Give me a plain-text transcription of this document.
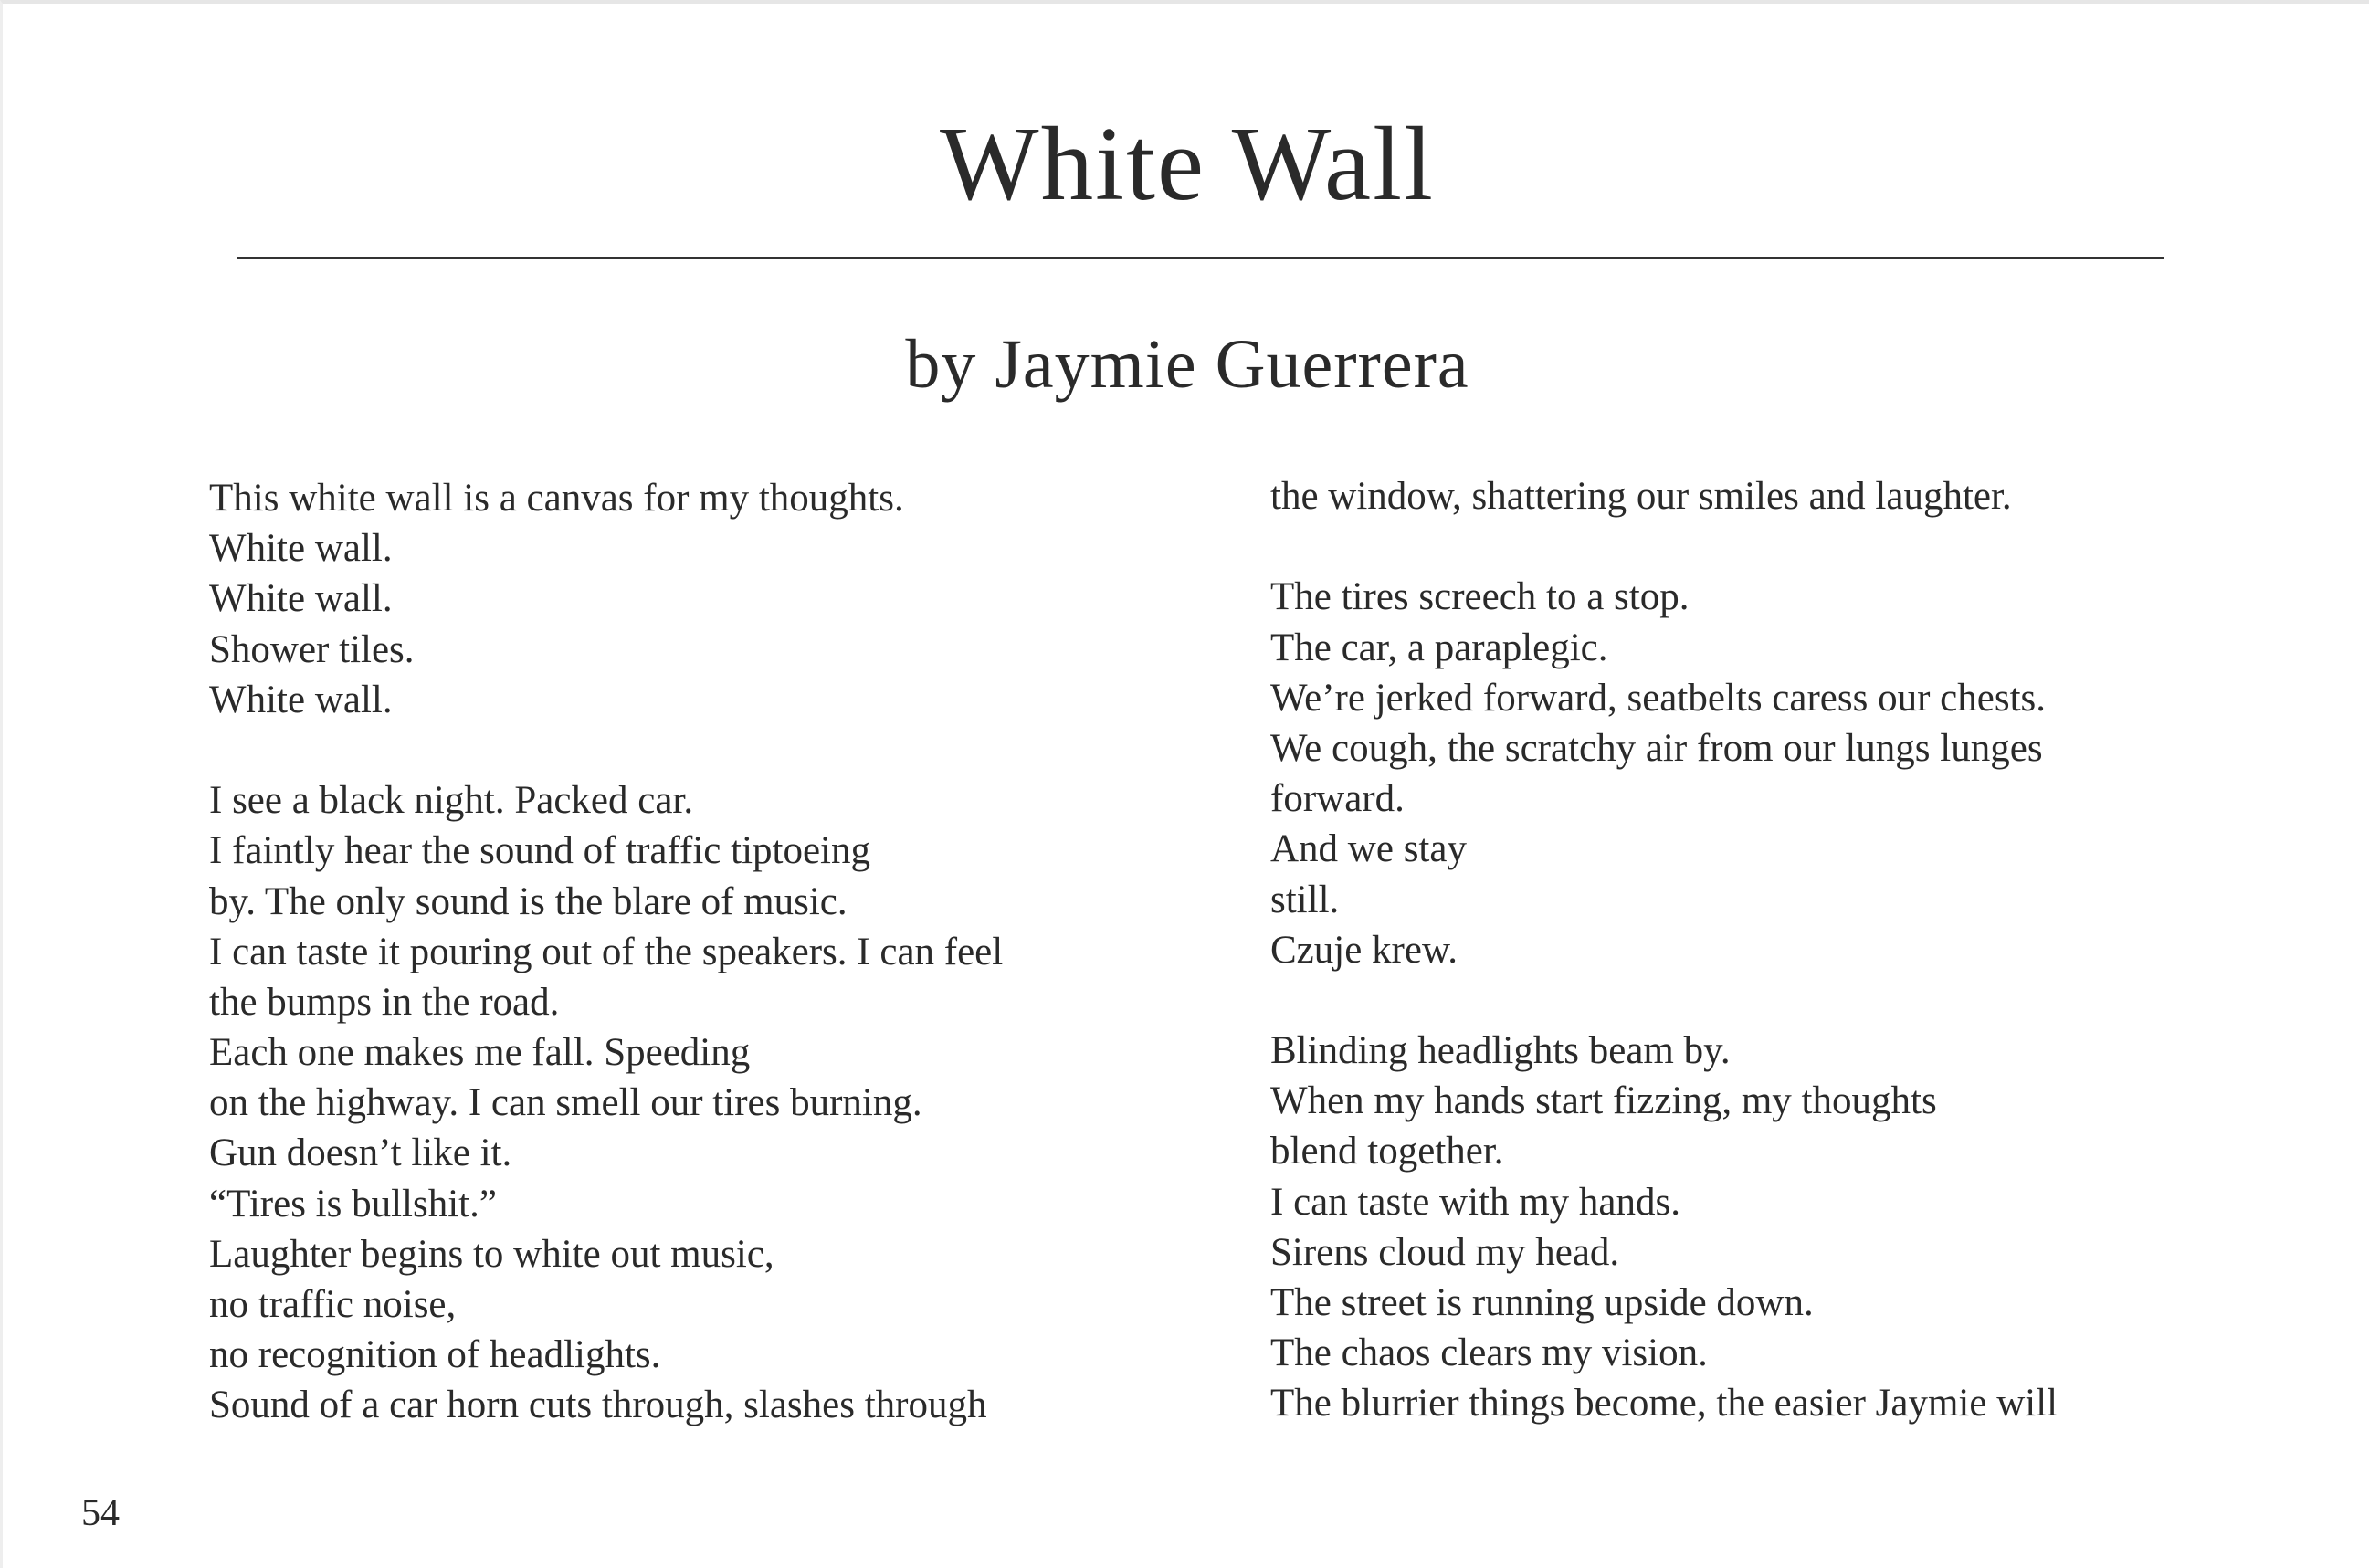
White Wall
by Jaymie Guerrera
This white wall is a canvas for my thoughts.
White wall.
White wall.
Shower tiles.
White wall.
I see a black night. Packed car.
I faintly hear the sound of traffic tiptoeing
by. The only sound is the blare of music.
I can taste it pouring out of the speakers. I can feel
the bumps in the road.
Each one makes me fall. Speeding
on the highway. I can smell our tires burning.
Gun doesn’t like it.
“Tires is bullshit.”
Laughter begins to white out music,
no traffic noise,
no recognition of headlights.
Sound of a car horn cuts through, slashes through
the window, shattering our smiles and laughter.
The tires screech to a stop.
The car, a paraplegic.
We’re jerked forward, seatbelts caress our chests.
We cough, the scratchy air from our lungs lunges
forward.
And we stay
still.
Czuje krew.
Blinding headlights beam by.
When my hands start fizzing, my thoughts
blend together.
I can taste with my hands.
Sirens cloud my head.
The street is running upside down.
The chaos clears my vision.
The blurrier things become, the easier Jaymie will
54
